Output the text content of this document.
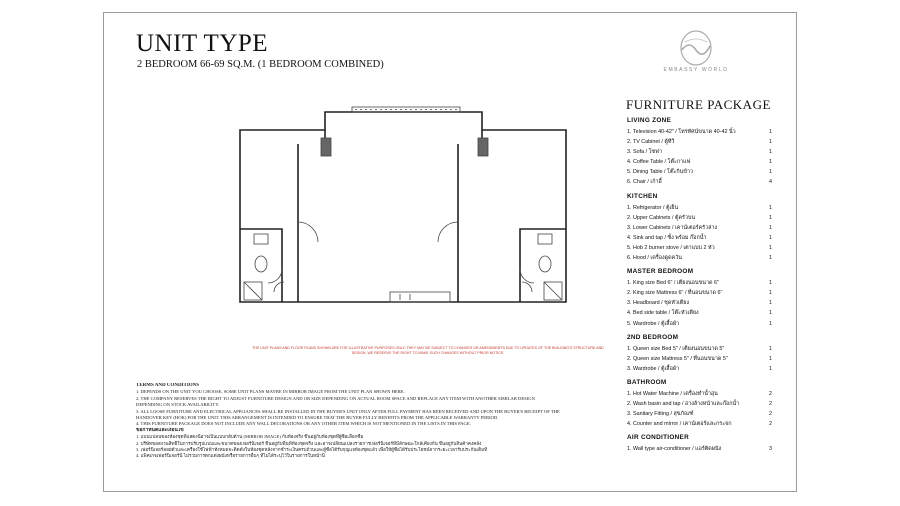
UNIT TYPE
2 BEDROOM 66-69 SQ.M. (1 BEDROOM COMBINED)	EMBASSY WORLD
FURNITURE PACKAGE
LIVING ZONE
1. Television 40-42" / โทรทัศน์ขนาด 40-42 นิ้ว	1
2. TV Cabinet / ตู้ทีวี	1
3. Sofa / โซฟา	1
4. Coffee Table / โต๊ะกาแฟ	1
5. Dining Table / โต๊ะกินข้าว	1
6. Chair / เก้าอี้	4
KITCHEN
1. Refrigerator / ตู้เย็น	1
2. Upper Cabinets / ตู้ครัวบน	1
3. Lower Cabinets / เคาน์เตอร์ครัวล่าง	1
4. Sink and tap / ซิ้ง พร้อม ก๊อกน้ำ	1
5. Hob 2 burner stove / เตาแบบ 2 หัว	1
6. Hood / เครื่องดูดควัน	1
MASTER BEDROOM
1. King size Bed 6" / เตียงนอนขนาด 6"	1
2. King size Mattress 6" / ที่นอนขนาด 6"	1
3. Headboard / ชุดหัวเตียง	1
4. Bed side table / โต๊ะหัวเตียง	1
5. Wardrobe / ตู้เสื้อผ้า	1
2ND BEDROOM
1. Queen size Bed 5" / เตียงนอนขนาด 5"	1
2. Queen size Mattress 5" / ที่นอนขนาด 5"	1
3. Wardrobe / ตู้เสื้อผ้า	1
BATHROOM
1. Hot Water Machine / เครื่องทำน้ำอุ่น	2
2. Wash basin and tap / อ่างล้างหน้าและก๊อกน้ำ	2
3. Sanitary Fitting / สุขภัณฑ์	2
4. Counter and mirror / เคาน์เตอร์และกระจก	2
AIR CONDITIONER
1. Wall type air-conditioner / แอร์ติดผนัง	3
THE UNIT PLANS AND FLOOR PLANS SHOWN ARE FOR ILLUSTRATIVE PURPOSES ONLY. THEY MAY BE SUBJECT TO CHANGES OR AMENDMENTS DUE TO UPDATES OF THE BUILDING'S STRUCTURE AND DESIGN. WE RESERVE THE RIGHT TO MAKE SUCH CHANGES WITHOUT PRIOR NOTICE.

TERMS AND CONDITIONS

1. DEPENDS ON THE UNIT YOU CHOOSE, SOME UNIT PLANS MAYBE IN MIRROR IMAGE FROM THE UNIT PLAN SHOWN HERE.

2. THE COMPANY RESERVES THE RIGHT TO ADJUST FURNITURE DESIGN AND OR SIZE DEPENDING ON ACTUAL ROOM SPACE AND REPLACE ANY ITEM WITH ANOTHER SIMILAR DESIGN

DEPENDING ON STOCK AVAILABILITY.

3. ALL LOOSE FURNITURE AND ELECTRICAL APPLIANCES SHALL BE INSTALLED IN THE BUYER'S UNIT ONLY AFTER FULL PAYMENT HAS BEEN RECEIVED AND UPON THE BUYER'S RECEIPT OF THE

HANDOVER KEY (HOK) FOR THE UNIT. THIS ARRANGEMENT IS INTENDED TO ENSURE THAT THE BUYER FULLY BENEFITS FROM THE APPLICABLE WARRANTY PERIOD.

4. THIS FURNITURE PACKAGE DOES NOT INCLUDE ANY WALL DECORATIONS OR ANY OTHER ITEM WHICH IS NOT MENTIONED IN THE LISTS IN THIS PAGE.

ข้อกำหนดและเงื่อนไข

1. แบบแปลนของห้องชุดที่แสดงนี้อาจเป็นแบบกลับด้าน (MIRROR IMAGE) กับห้องจริง ขึ้นอยู่กับห้องชุดที่ผู้ซื้อเลือกซื้อ

2. บริษัทขอสงวนสิทธิ์ในการปรับรูปแบบและขนาดของเฟอร์นิเจอร์ ขึ้นอยู่กับพื้นที่ห้องชุดจริง และอาจเปลี่ยนแปลงรายการเฟอร์นิเจอร์ที่มีลักษณะใกล้เคียงกัน ขึ้นอยู่กับสินค้าคงคลัง

3. เฟอร์นิเจอร์ลอยตัวและเครื่องใช้ไฟฟ้าทั้งหมดจะติดตั้งในห้องชุดหลังจากชำระเงินครบถ้วนและผู้ซื้อได้รับกุญแจห้องชุดแล้ว เพื่อให้ผู้ซื้อได้รับประโยชน์จากระยะเวลารับประกันเต็มที่

4. แพ็คเกจเฟอร์นิเจอร์นี้ ไม่รวมการตกแต่งผนังหรือรายการอื่นๆ ที่ไม่ได้ระบุไว้ในรายการในหน้านี้
